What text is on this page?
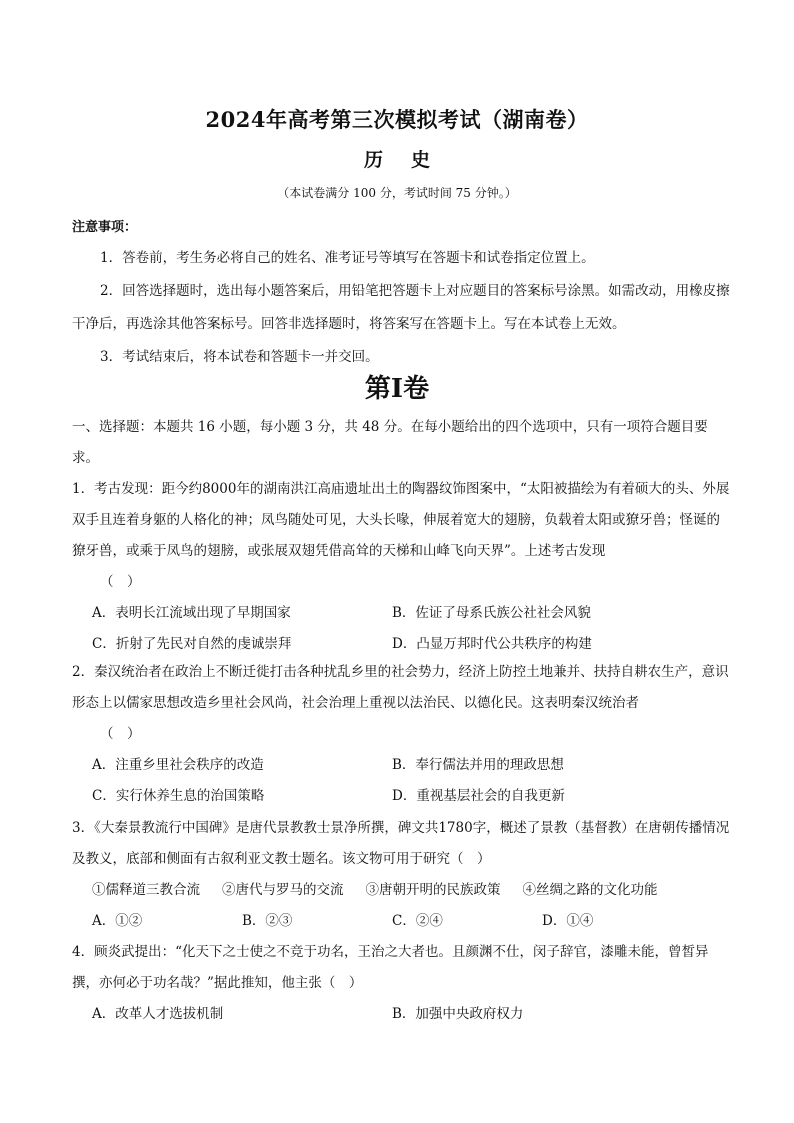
2024年高考第三次模拟考试（湖南卷）
历史
（本试卷满分 100 分，考试时间 75 分钟。）
注意事项：
1．答卷前，考生务必将自己的姓名、准考证号等填写在答题卡和试卷指定位置上。
2．回答选择题时，选出每小题答案后，用铅笔把答题卡上对应题目的答案标号涂黑。如需改动，用橡皮擦干净后，再选涂其他答案标号。回答非选择题时，将答案写在答题卡上。写在本试卷上无效。
3．考试结束后，将本试卷和答题卡一并交回。
第Ⅰ卷
一、选择题：本题共 16 小题，每小题 3 分，共 48 分。在每小题给出的四个选项中，只有一项符合题目要求。
1．考古发现：距今约8000年的湖南洪江高庙遗址出土的陶器纹饰图案中，“太阳被描绘为有着硕大的头、外展双手且连着身躯的人格化的神；凤鸟随处可见，大头长喙，伸展着宽大的翅膀，负载着太阳或獠牙兽；怪诞的獠牙兽，或乘于凤鸟的翅膀，或张展双翅凭借高耸的天梯和山峰飞向天界”。上述考古发现
（　）
A．表明长江流域出现了早期国家	B．佐证了母系氏族公社社会风貌
C．折射了先民对自然的虔诚崇拜	D．凸显万邦时代公共秩序的构建
2．秦汉统治者在政治上不断迁徙打击各种扰乱乡里的社会势力，经济上防控土地兼并、扶持自耕农生产，意识形态上以儒家思想改造乡里社会风尚，社会治理上重视以法治民、以德化民。这表明秦汉统治者
（　）
A．注重乡里社会秩序的改造	B．奉行儒法并用的理政思想
C．实行休养生息的治国策略	D．重视基层社会的自我更新
3．《大秦景教流行中国碑》是唐代景教教士景净所撰，碑文共1780字，概述了景教（基督教）在唐朝传播情况及教义，底部和侧面有古叙利亚文教士题名。该文物可用于研究（　）
①儒释道三教合流 ②唐代与罗马的交流 ③唐朝开明的民族政策 ④丝绸之路的文化功能
A．①②	B．②③	C．②④	D．①④
4．顾炎武提出：“化天下之士使之不竞于功名，王治之大者也。且颜渊不仕，闵子辞官，漆雕未能，曾皙异撰，亦何必于功名哉？”据此推知，他主张（　）
A．改革人才选拔机制	B．加强中央政府权力
